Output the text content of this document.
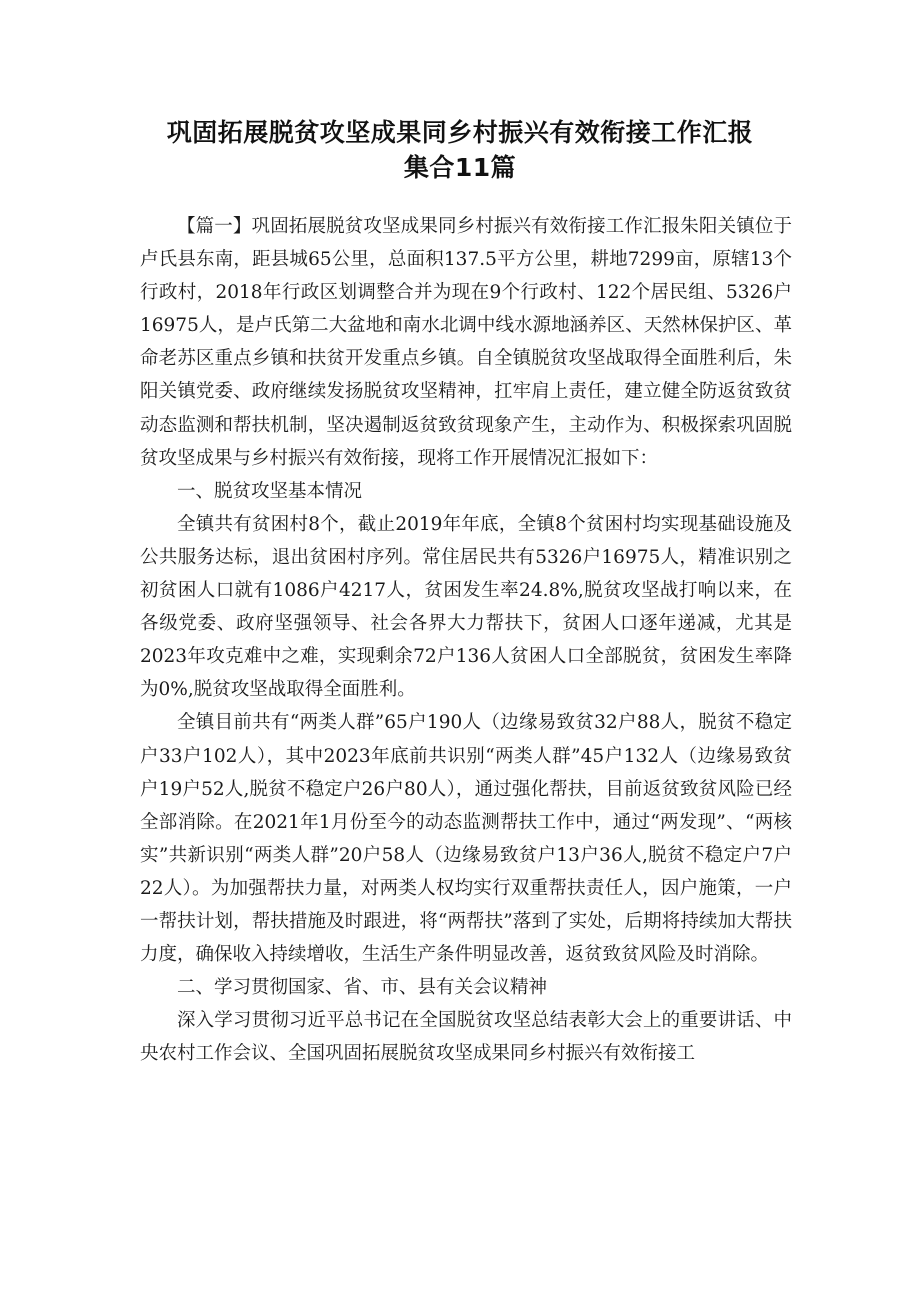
巩固拓展脱贫攻坚成果同乡村振兴有效衔接工作汇报
集合11篇

【篇一】巩固拓展脱贫攻坚成果同乡村振兴有效衔接工作汇报朱阳关镇位于卢氏县东南，距县城65公里，总面积137.5平方公里，耕地7299亩，原辖13个行政村，2018年行政区划调整合并为现在9个行政村、122个居民组、5326户16975人，是卢氏第二大盆地和南水北调中线水源地涵养区、天然林保护区、革命老苏区重点乡镇和扶贫开发重点乡镇。自全镇脱贫攻坚战取得全面胜利后，朱阳关镇党委、政府继续发扬脱贫攻坚精神，扛牢肩上责任，建立健全防返贫致贫动态监测和帮扶机制，坚决遏制返贫致贫现象产生，主动作为、积极探索巩固脱贫攻坚成果与乡村振兴有效衔接，现将工作开展情况汇报如下：

一、脱贫攻坚基本情况

全镇共有贫困村8个，截止2019年年底，全镇8个贫困村均实现基础设施及公共服务达标，退出贫困村序列。常住居民共有5326户16975人，精准识别之初贫困人口就有1086户4217人，贫困发生率24.8%,脱贫攻坚战打响以来，在各级党委、政府坚强领导、社会各界大力帮扶下，贫困人口逐年递减，尤其是2023年攻克难中之难，实现剩余72户136人贫困人口全部脱贫，贫困发生率降为0%,脱贫攻坚战取得全面胜利。

全镇目前共有“两类人群”65户190人（边缘易致贫32户88人，脱贫不稳定户33户102人），其中2023年底前共识别“两类人群”45户132人（边缘易致贫户19户52人,脱贫不稳定户26户80人），通过强化帮扶，目前返贫致贫风险已经全部消除。在2021年1月份至今的动态监测帮扶工作中，通过“两发现”、“两核实”共新识别“两类人群”20户58人（边缘易致贫户13户36人,脱贫不稳定户7户22人）。为加强帮扶力量，对两类人权均实行双重帮扶责任人，因户施策，一户一帮扶计划，帮扶措施及时跟进，将“两帮扶”落到了实处，后期将持续加大帮扶力度，确保收入持续增收，生活生产条件明显改善，返贫致贫风险及时消除。

二、学习贯彻国家、省、市、县有关会议精神

深入学习贯彻习近平总书记在全国脱贫攻坚总结表彰大会上的重要讲话、中央农村工作会议、全国巩固拓展脱贫攻坚成果同乡村振兴有效衔接工
